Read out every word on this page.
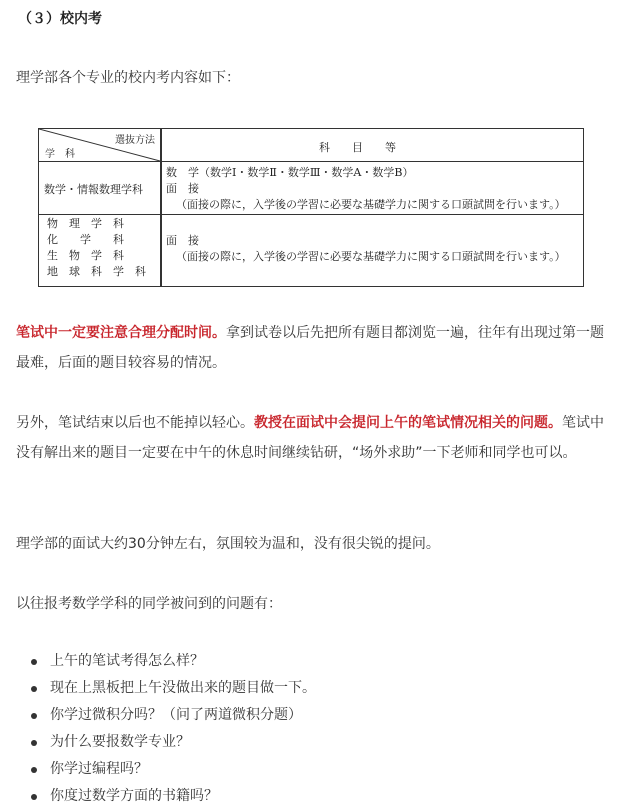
（３）校内考
理学部各个专业的校内考内容如下：
選抜方法
学　科
科　　目　　等
数学・情報数理学科
数　学（数学Ⅰ・数学Ⅱ・数学Ⅲ・数学A・数学B）
面　接
（面接の際に，入学後の学習に必要な基礎学力に関する口頭試問を行います。）
物　理　学　科
化　　学　　科
生　物　学　科
地　球　科　学　科
面　接
（面接の際に，入学後の学習に必要な基礎学力に関する口頭試問を行います。）
笔试中一定要注意合理分配时间。拿到试卷以后先把所有题目都浏览一遍，往年有出现过第一题最难，后面的题目较容易的情况。
另外，笔试结束以后也不能掉以轻心。教授在面试中会提问上午的笔试情况相关的问题。笔试中没有解出来的题目一定要在中午的休息时间继续钻研，“场外求助”一下老师和同学也可以。
理学部的面试大约30分钟左右，氛围较为温和，没有很尖锐的提问。
以往报考数学学科的同学被问到的问题有：
上午的笔试考得怎么样？
现在上黑板把上午没做出来的题目做一下。
你学过微积分吗？（问了两道微积分题）
为什么要报数学专业？
你学过编程吗？
你度过数学方面的书籍吗？
